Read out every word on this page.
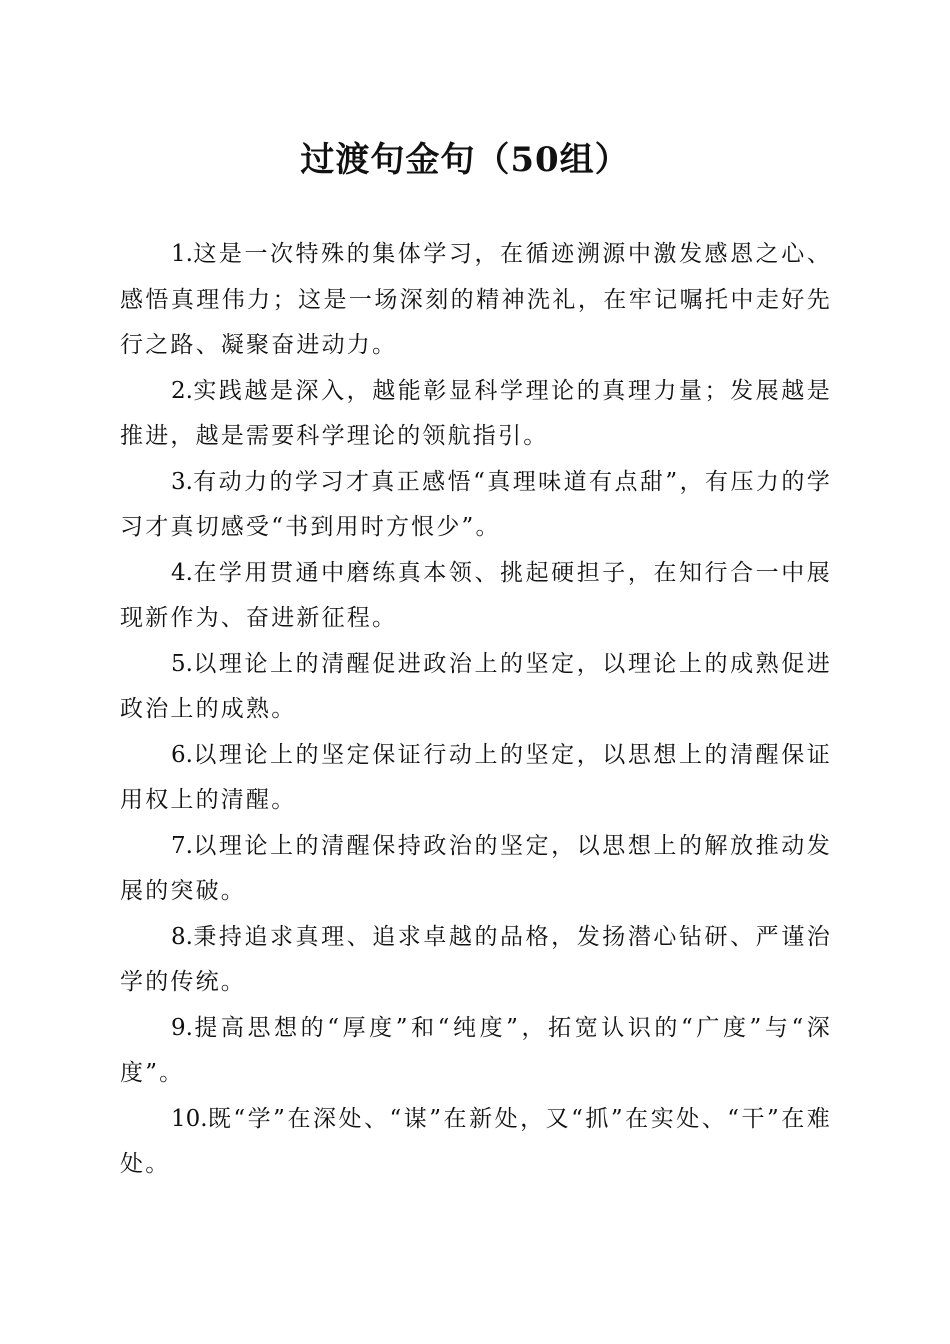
过渡句金句（50组）

1.这是一次特殊的集体学习，在循迹溯源中激发感恩之心、感悟真理伟力；这是一场深刻的精神洗礼，在牢记嘱托中走好先行之路、凝聚奋进动力。

2.实践越是深入，越能彰显科学理论的真理力量；发展越是推进，越是需要科学理论的领航指引。

3.有动力的学习才真正感悟“真理味道有点甜”，有压力的学习才真切感受“书到用时方恨少”。

4.在学用贯通中磨练真本领、挑起硬担子，在知行合一中展现新作为、奋进新征程。

5.以理论上的清醒促进政治上的坚定，以理论上的成熟促进政治上的成熟。

6.以理论上的坚定保证行动上的坚定，以思想上的清醒保证用权上的清醒。

7.以理论上的清醒保持政治的坚定，以思想上的解放推动发展的突破。

8.秉持追求真理、追求卓越的品格，发扬潜心钻研、严谨治学的传统。

9.提高思想的“厚度”和“纯度”，拓宽认识的“广度”与“深度”。

10.既“学”在深处、“谋”在新处，又“抓”在实处、“干”在难处。
